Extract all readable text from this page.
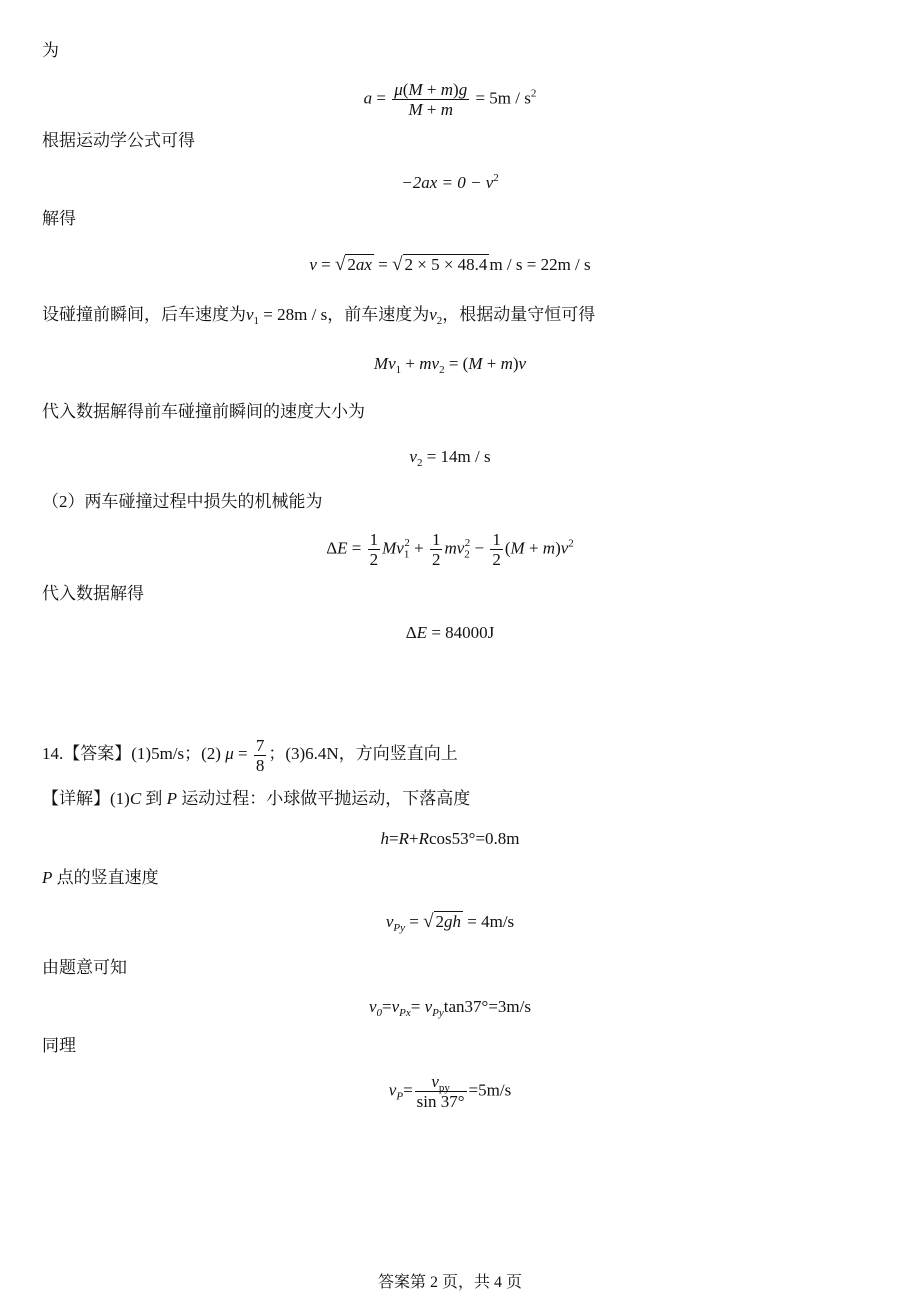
为
$a = \frac{\mu(M + m)g}{M + m} = 5m / s^2$
根据运动学公式可得
$-2ax = 0 - v^2$
解得
v = √ 2ax = √ 2 × 5 × 48.4 m / s = 22m / s
设碰撞前瞬间，后车速度为$v_1 = 28m / s$，前车速度为$v_2$，根据动量守恒可得
$Mv_1 + mv_2 = (M + m)v$
代入数据解得前车碰撞前瞬间的速度大小为
$v_2 = 14m / s$
（2）两车碰撞过程中损失的机械能为
$\Delta E = \frac{1}{2} Mv_1^2 + \frac{1}{2} mv_2^2 - \frac{1}{2} (M + m)v^2$
代入数据解得
ΔE = 84000J
14.【答案】(1)5m/s；(2) $\mu = \frac{7}{8}$ ；(3)6.4N，方向竖直向上
【详解】(1)C 到 P 运动过程：小球做平抛运动，下落高度
h=R+Rcos53°=0.8m
P 点的竖直速度
$v_{Py}$ = √ 2gh = 4m/s
由题意可知
$v_0=v_{Px}= v_{Py}\tan 37^\circ=3m/s$
同理
$v_P= \frac{v_{py}}{\sin 37^\circ} =5m/s$
答案第 2 页，共 4 页
